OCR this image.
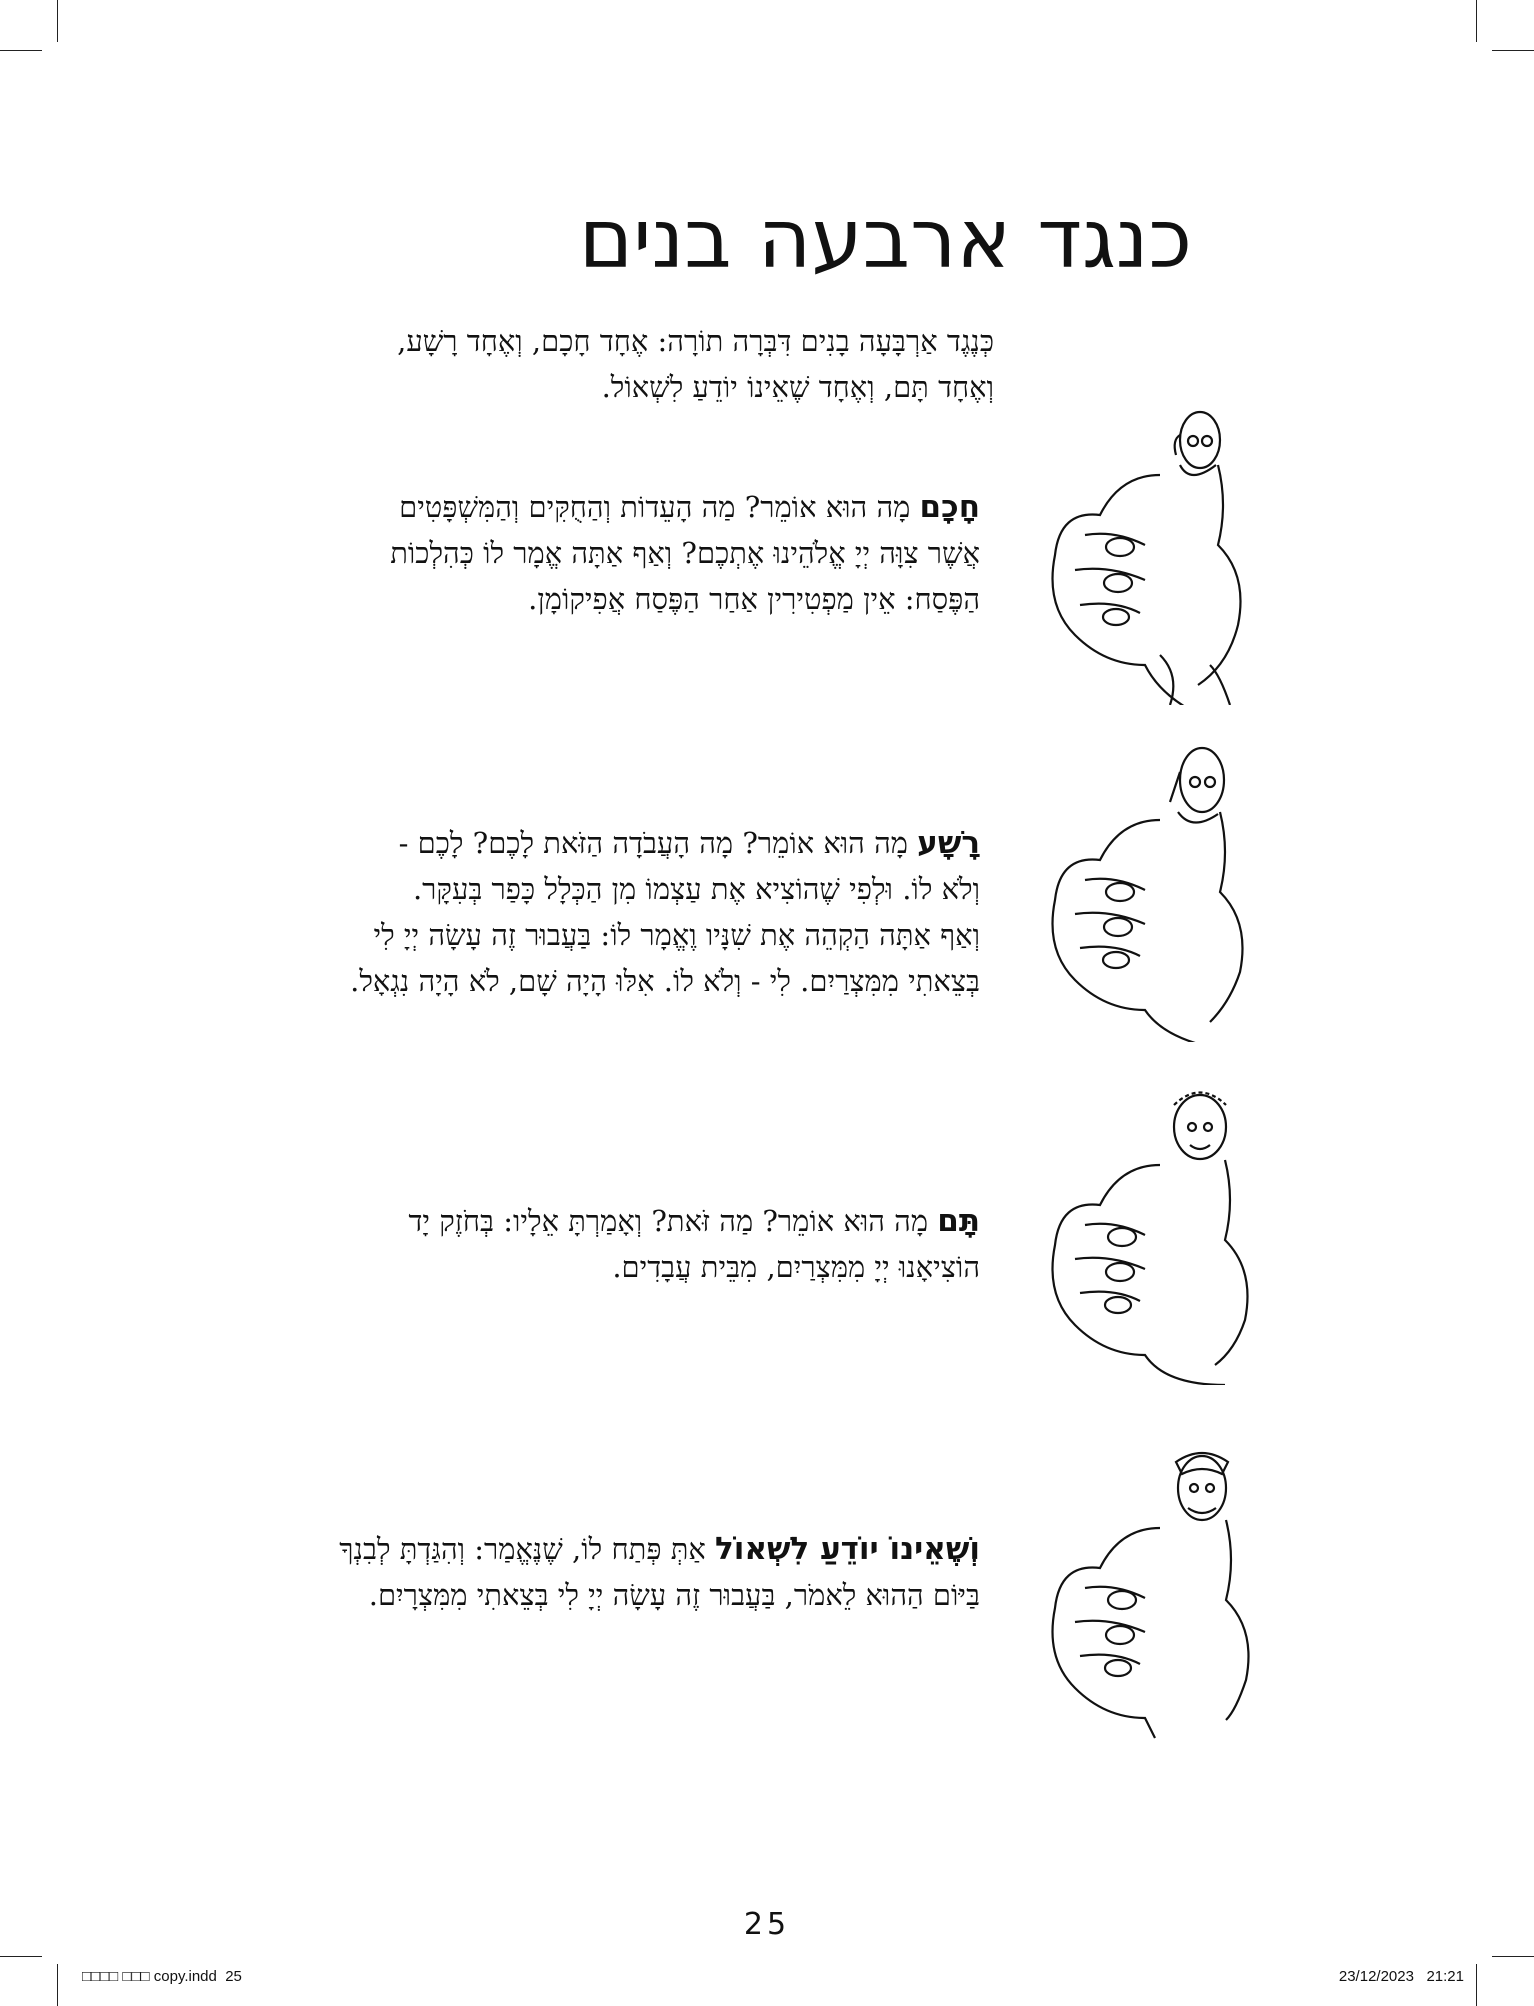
כנגד ארבעה בנים
כְּנֶגֶד אַרְבָּעָה בָנִים דִּבְּרָה תוֹרָה: אֶחָד חָכָם, וְאֶחָד רָשָׁע,
וְאֶחָד תָּם, וְאֶחָד שֶׁאֵינוֹ יוֹדֵעַ לִשְׁאוֹל.
חָכָם מָה הוּא אוֹמֵר? מַה הָעֵדוֹת וְהַחֻקִּים וְהַמִּשְׁפָּטִים
אֲשֶׁר צִוָּה יְיָ אֱלֹהֵינוּ אֶתְכֶם? וְאַף אַתָּה אֱמָר לוֹ כְּהִלְכוֹת
הַפֶּסַח: אֵין מַפְטִירִין אַחַר הַפֶּסַח אֲפִיקוֹמָן.
רָשָׁע מָה הוּא אוֹמֵר? מָה הָעֲבֹדָה הַזֹּאת לָכֶם? לָכֶם -
וְלֹא לוֹ. וּלְפִי שֶׁהוֹצִיא אֶת עַצְמוֹ מִן הַכְּלָל כָּפַר בְּעִקָּר.
וְאַף אַתָּה הַקְהֵה אֶת שִׁנָּיו וֶאֱמָר לוֹ: בַּעֲבוּר זֶה עָשָׂה יְיָ לִי
בְּצֵאתִי מִמִּצְרַיִם. לִי - וְלֹא לוֹ. אִלּוּ הָיָה שָׁם, לֹא הָיָה נִגְאָל.
תָּם מָה הוּא אוֹמֵר? מַה זֹּאת? וְאָמַרְתָּ אֵלָיו: בְּחֹזֶק יָד
הוֹצִיאָנוּ יְיָ מִמִּצְרַיִם, מִבֵּית עֲבָדִים.
וְשֶׁאֵינוֹ יוֹדֵעַ לִשְׁאוֹל אַתְּ פְּתַח לוֹ, שֶׁנֶּאֱמַר: וְהִגַּדְתָּ לְבִנְךָ
בַּיּוֹם הַהוּא לֵאמֹר, בַּעֲבוּר זֶה עָשָׂה יְיָ לִי בְּצֵאתִי מִמִּצְרָיִם.
25
□□□□ □□□ copy.indd 25	23/12/2023   21:21
